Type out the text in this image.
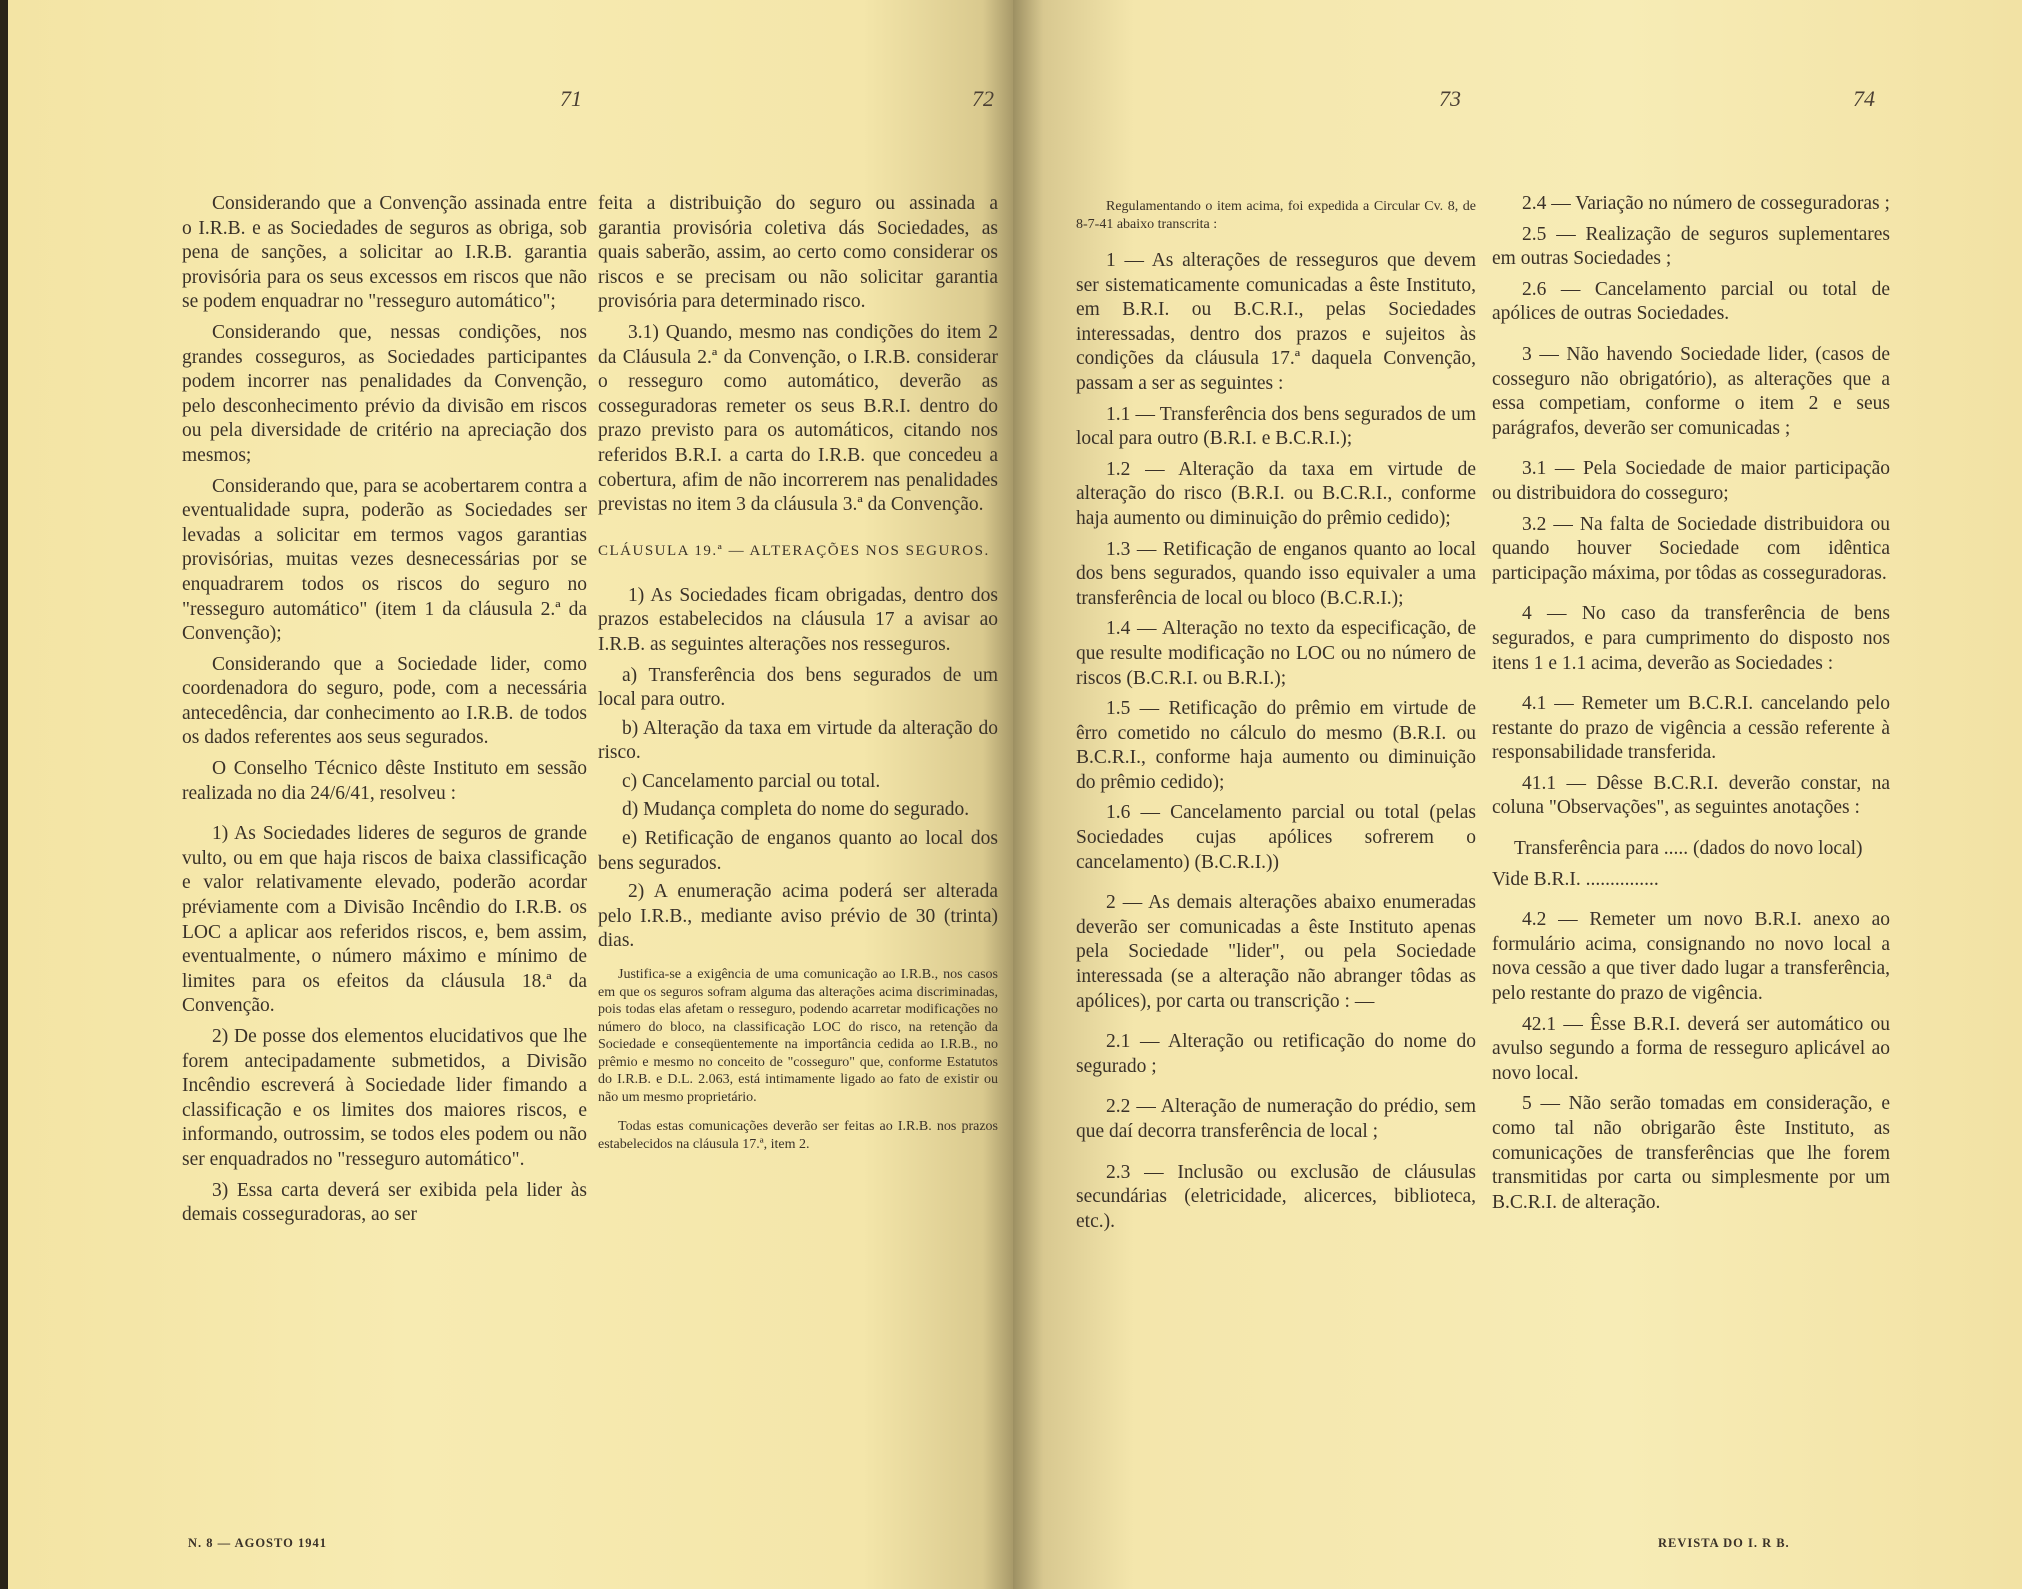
71	72

Considerando que a Convenção assinada entre o I.R.B. e as Sociedades de seguros as obriga, sob pena de sanções, a solicitar ao I.R.B. garantia provisória para os seus excessos em riscos que não se podem enquadrar no "resseguro automático";

Considerando que, nessas condições, nos grandes cosseguros, as Sociedades participantes podem incorrer nas penalidades da Convenção, pelo desconhecimento prévio da divisão em riscos ou pela diversidade de critério na apreciação dos mesmos;

Considerando que, para se acobertarem contra a eventualidade supra, poderão as Sociedades ser levadas a solicitar em termos vagos garantias provisórias, muitas vezes desnecessárias por se enquadrarem todos os riscos do seguro no "resseguro automático" (item 1 da cláusula 2.ª da Convenção);

Considerando que a Sociedade lider, como coordenadora do seguro, pode, com a necessária antecedência, dar conhecimento ao I.R.B. de todos os dados referentes aos seus segurados.

O Conselho Técnico dêste Instituto em sessão realizada no dia 24/6/41, resolveu :

1) As Sociedades lideres de seguros de grande vulto, ou em que haja riscos de baixa classificação e valor relativamente elevado, poderão acordar préviamente com a Divisão Incêndio do I.R.B. os LOC a aplicar aos referidos riscos, e, bem assim, eventualmente, o número máximo e mínimo de limites para os efeitos da cláusula 18.ª da Convenção.

2) De posse dos elementos elucidativos que lhe forem antecipadamente submetidos, a Divisão Incêndio escreverá à Sociedade lider fimando a classificação e os limites dos maiores riscos, e informando, outrossim, se todos eles podem ou não ser enquadrados no "resseguro automático".

3) Essa carta deverá ser exibida pela lider às demais cosseguradoras, ao ser

feita a distribuição do seguro ou assinada a garantia provisória coletiva dás Sociedades, as quais saberão, assim, ao certo como considerar os riscos e se precisam ou não solicitar garantia provisória para determinado risco.

3.1) Quando, mesmo nas condições do item 2 da Cláusula 2.ª da Convenção, o I.R.B. considerar o resseguro como automático, deverão as cosseguradoras remeter os seus B.R.I. dentro do prazo previsto para os automáticos, citando nos referidos B.R.I. a carta do I.R.B. que concedeu a cobertura, afim de não incorrerem nas penalidades previstas no item 3 da cláusula 3.ª da Convenção.

CLÁUSULA 19.ª — ALTERAÇÕES NOS SEGUROS.

1) As Sociedades ficam obrigadas, dentro dos prazos estabelecidos na cláusula 17 a avisar ao I.R.B. as seguintes alterações nos resseguros.

a) Transferência dos bens segurados de um local para outro.

b) Alteração da taxa em virtude da alteração do risco.

c) Cancelamento parcial ou total.

d) Mudança completa do nome do segurado.

e) Retificação de enganos quanto ao local dos bens segurados.

2) A enumeração acima poderá ser alterada pelo I.R.B., mediante aviso prévio de 30 (trinta) dias.

Justifica-se a exigência de uma comunicação ao I.R.B., nos casos em que os seguros sofram alguma das alterações acima discriminadas, pois todas elas afetam o resseguro, podendo acarretar modificações no número do bloco, na classificação LOC do risco, na retenção da Sociedade e conseqüentemente na importância cedida ao I.R.B., no prêmio e mesmo no conceito de "cosseguro" que, conforme Estatutos do I.R.B. e D.L. 2.063, está intimamente ligado ao fato de existir ou não um mesmo proprietário.

Todas estas comunicações deverão ser feitas ao I.R.B. nos prazos estabelecidos na cláusula 17.ª, item 2.

N. 8 — AGOSTO 1941
73	74

Regulamentando o item acima, foi expedida a Circular Cv. 8, de 8-7-41 abaixo transcrita :

1 — As alterações de resseguros que devem ser sistematicamente comunicadas a êste Instituto, em B.R.I. ou B.C.R.I., pelas Sociedades interessadas, dentro dos prazos e sujeitos às condições da cláusula 17.ª daquela Convenção, passam a ser as seguintes :

1.1 — Transferência dos bens segurados de um local para outro (B.R.I. e B.C.R.I.);

1.2 — Alteração da taxa em virtude de alteração do risco (B.R.I. ou B.C.R.I., conforme haja aumento ou diminuição do prêmio cedido);

1.3 — Retificação de enganos quanto ao local dos bens segurados, quando isso equivaler a uma transferência de local ou bloco (B.C.R.I.);

1.4 — Alteração no texto da especificação, de que resulte modificação no LOC ou no número de riscos (B.C.R.I. ou B.R.I.);

1.5 — Retificação do prêmio em virtude de êrro cometido no cálculo do mesmo (B.R.I. ou B.C.R.I., conforme haja aumento ou diminuição do prêmio cedido);

1.6 — Cancelamento parcial ou total (pelas Sociedades cujas apólices sofrerem o cancelamento) (B.C.R.I.))

2 — As demais alterações abaixo enumeradas deverão ser comunicadas a êste Instituto apenas pela Sociedade "lider", ou pela Sociedade interessada (se a alteração não abranger tôdas as apólices), por carta ou transcrição : —

2.1 — Alteração ou retificação do nome do segurado ;

2.2 — Alteração de numeração do prédio, sem que daí decorra transferência de local ;

2.3 — Inclusão ou exclusão de cláusulas secundárias (eletricidade, alicerces, biblioteca, etc.).

2.4 — Variação no número de cosseguradoras ;

2.5 — Realização de seguros suplementares em outras Sociedades ;

2.6 — Cancelamento parcial ou total de apólices de outras Sociedades.

3 — Não havendo Sociedade lider, (casos de cosseguro não obrigatório), as alterações que a essa competiam, conforme o item 2 e seus parágrafos, deverão ser comunicadas ;

3.1 — Pela Sociedade de maior participação ou distribuidora do cosseguro;

3.2 — Na falta de Sociedade distribuidora ou quando houver Sociedade com idêntica participação máxima, por tôdas as cosseguradoras.

4 — No caso da transferência de bens segurados, e para cumprimento do disposto nos itens 1 e 1.1 acima, deverão as Sociedades :

4.1 — Remeter um B.C.R.I. cancelando pelo restante do prazo de vigência a cessão referente à responsabilidade transferida.

41.1 — Dêsse B.C.R.I. deverão constar, na coluna "Observações", as seguintes anotações :

Transferência para ..... (dados do novo local)

Vide B.R.I. ...............

4.2 — Remeter um novo B.R.I. anexo ao formulário acima, consignando no novo local a nova cessão a que tiver dado lugar a transferência, pelo restante do prazo de vigência.

42.1 — Êsse B.R.I. deverá ser automático ou avulso segundo a forma de resseguro aplicável ao novo local.

5 — Não serão tomadas em consideração, e como tal não obrigarão êste Instituto, as comunicações de transferências que lhe forem transmitidas por carta ou simplesmente por um B.C.R.I. de alteração.

REVISTA DO I. R B.
